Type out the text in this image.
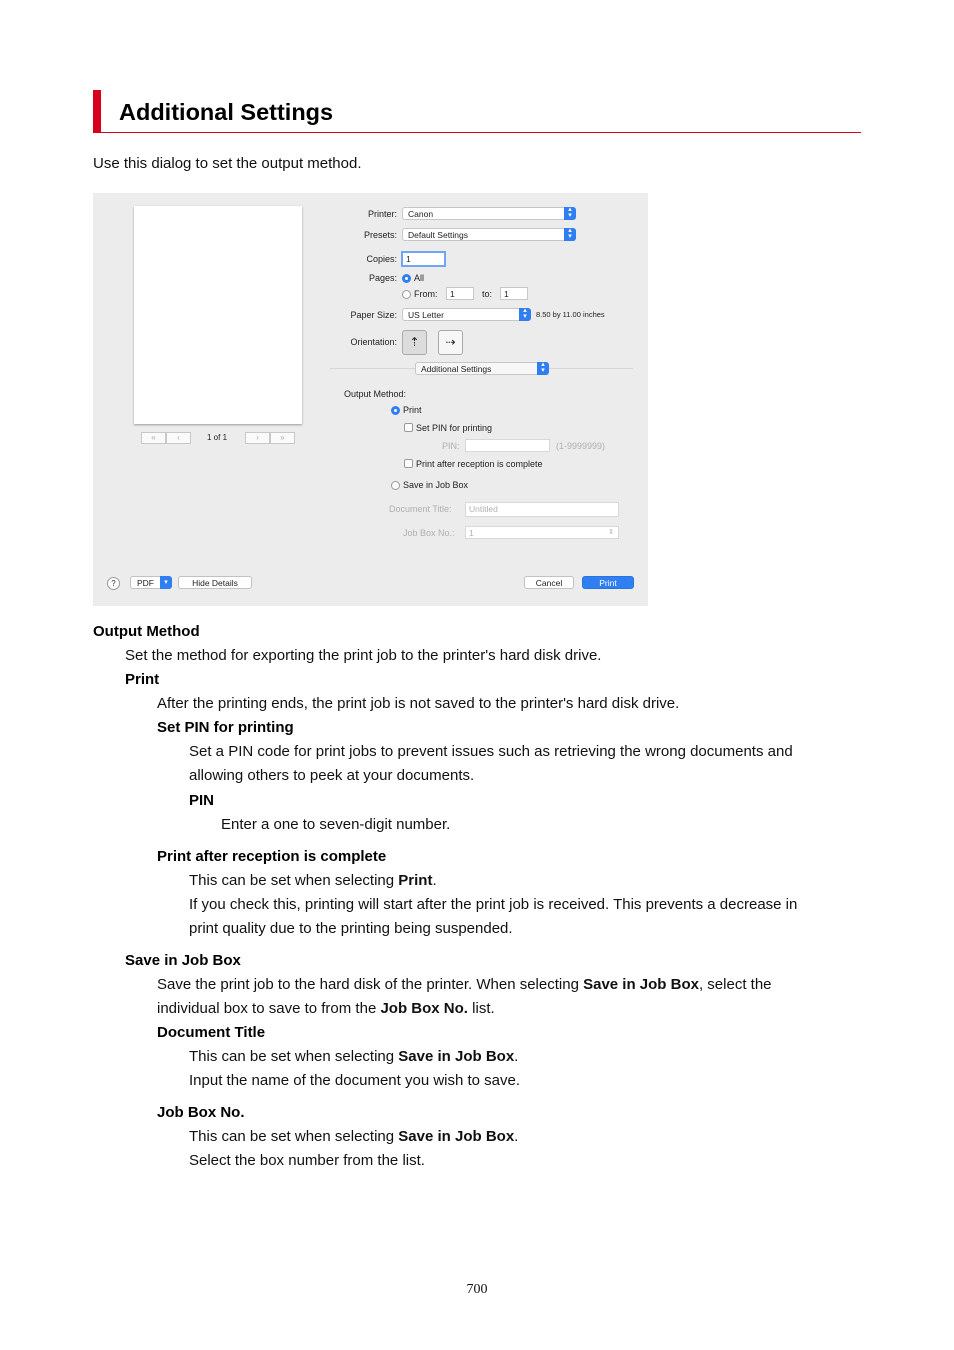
Additional Settings
Use this dialog to set the output method.
«	‹	1 of 1	›	»
Printer:	Canon	▴
▾
Presets:	Default Settings	▴
▾
Copies:	1
Pages: All
From:	1	to:	1
Paper Size:	US Letter	▴
▾	8.50 by 11.00 inches
Orientation:	⇡	⇢
Additional Settings	▴
▾
Output Method:
Print
Set PIN for printing
PIN:	(1-9999999)
Print after reception is complete
Save in Job Box
Document Title:	Untitled
Job Box No.:	1	⇕
?	PDF	▾	Hide Details	Cancel	Print
Output Method
Set the method for exporting the print job to the printer's hard disk drive.
Print
After the printing ends, the print job is not saved to the printer's hard disk drive.
Set PIN for printing
Set a PIN code for print jobs to prevent issues such as retrieving the wrong documents and
allowing others to peek at your documents.
PIN
Enter a one to seven-digit number.
Print after reception is complete
This can be set when selecting Print.
If you check this, printing will start after the print job is received. This prevents a decrease in
print quality due to the printing being suspended.
Save in Job Box
Save the print job to the hard disk of the printer. When selecting Save in Job Box, select the
individual box to save to from the Job Box No. list.
Document Title
This can be set when selecting Save in Job Box.
Input the name of the document you wish to save.
Job Box No.
This can be set when selecting Save in Job Box.
Select the box number from the list.
700
